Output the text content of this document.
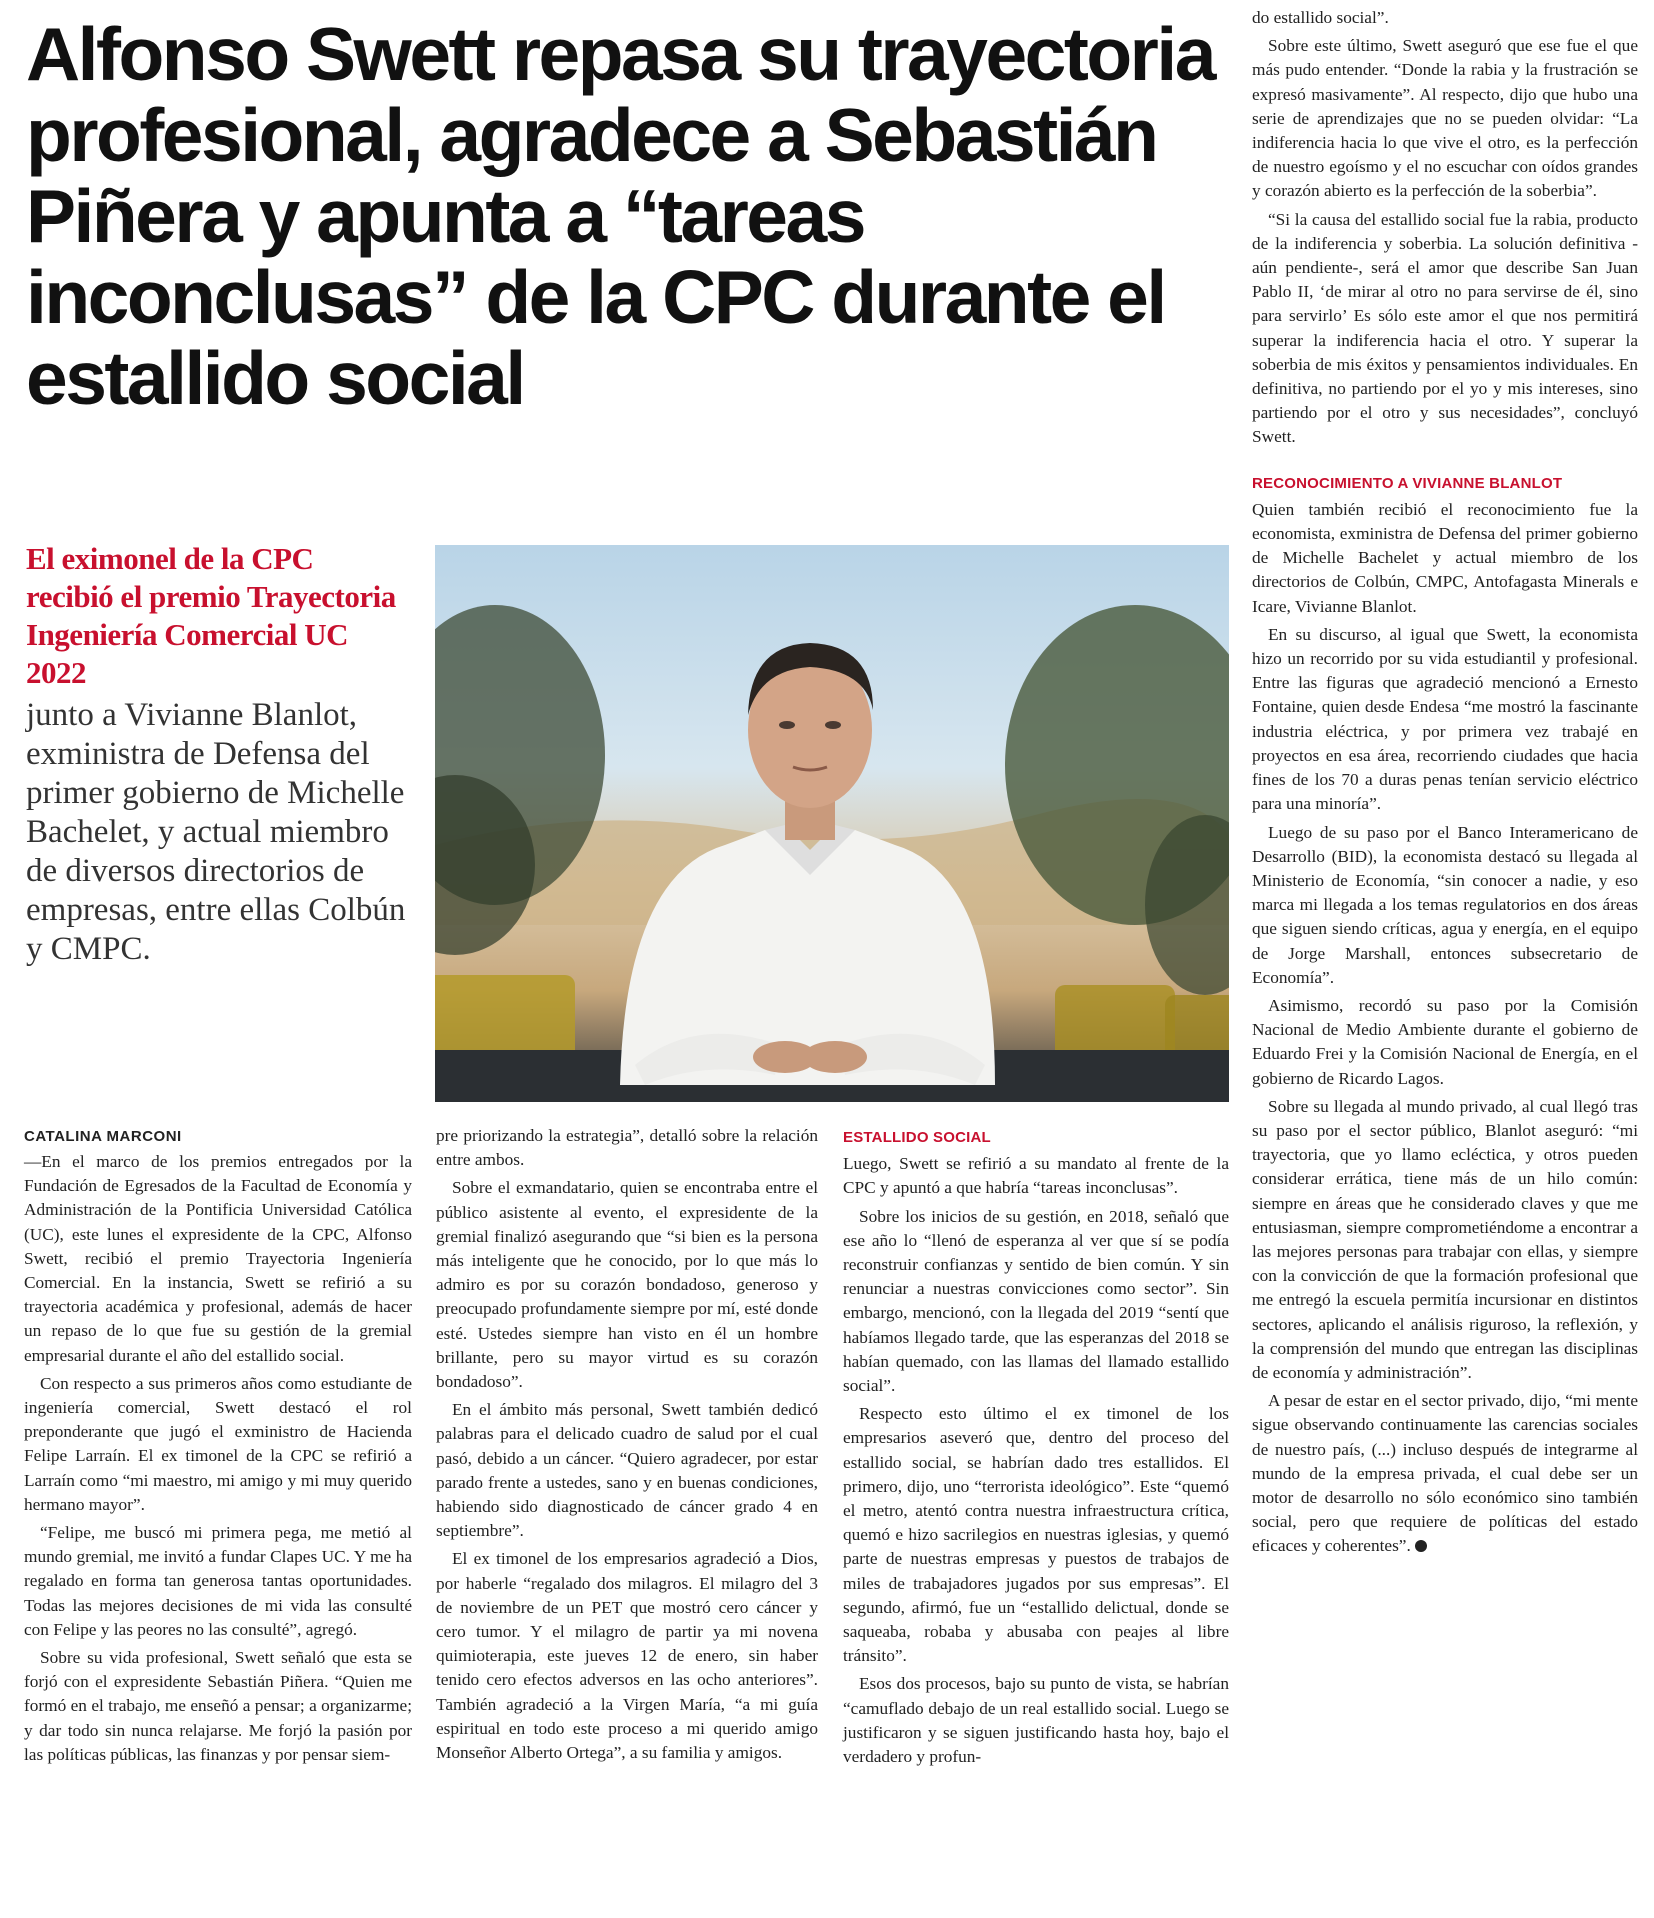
Alfonso Swett repasa su trayectoria profesional, agradece a Sebastián Piñera y apunta a “tareas inconclusas” de la CPC durante el estallido social
El eximonel de la CPC recibió el premio Trayectoria Ingeniería Comercial UC 2022
junto a Vivianne Blanlot, exministra de Defensa del primer gobierno de Michelle Bachelet, y actual miembro de diversos directorios de empresas, entre ellas Colbún y CMPC.
CATALINA MARCONI

—En el marco de los premios entregados por la Fundación de Egresados de la Facultad de Economía y Administración de la Pontificia Universidad Católica (UC), este lunes el expresidente de la CPC, Alfonso Swett, recibió el premio Trayectoria Ingeniería Comercial. En la instancia, Swett se refirió a su trayectoria académica y profesional, además de hacer un repaso de lo que fue su gestión de la gremial empresarial durante el año del estallido social.

Con respecto a sus primeros años como estudiante de ingeniería comercial, Swett destacó el rol preponderante que jugó el exministro de Hacienda Felipe Larraín. El ex timonel de la CPC se refirió a Larraín como “mi maestro, mi amigo y mi muy querido hermano mayor”.

“Felipe, me buscó mi primera pega, me metió al mundo gremial, me invitó a fundar Clapes UC. Y me ha regalado en forma tan generosa tantas oportunidades. Todas las mejores decisiones de mi vida las consulté con Felipe y las peores no las consulté”, agregó.

Sobre su vida profesional, Swett señaló que esta se forjó con el expresidente Sebastián Piñera. “Quien me formó en el trabajo, me enseñó a pensar; a organizarme; y dar todo sin nunca relajarse. Me forjó la pasión por las políticas públicas, las finanzas y por pensar siem-

pre priorizando la estrategia”, detalló sobre la relación entre ambos.

Sobre el exmandatario, quien se encontraba entre el público asistente al evento, el expresidente de la gremial finalizó asegurando que “si bien es la persona más inteligente que he conocido, por lo que más lo admiro es por su corazón bondadoso, generoso y preocupado profundamente siempre por mí, esté donde esté. Ustedes siempre han visto en él un hombre brillante, pero su mayor virtud es su corazón bondadoso”.

En el ámbito más personal, Swett también dedicó palabras para el delicado cuadro de salud por el cual pasó, debido a un cáncer. “Quiero agradecer, por estar parado frente a ustedes, sano y en buenas condiciones, habiendo sido diagnosticado de cáncer grado 4 en septiembre”.

El ex timonel de los empresarios agradeció a Dios, por haberle “regalado dos milagros. El milagro del 3 de noviembre de un PET que mostró cero cáncer y cero tumor. Y el milagro de partir ya mi novena quimioterapia, este jueves 12 de enero, sin haber tenido cero efectos adversos en las ocho anteriores”. También agradeció a la Virgen María, “a mi guía espiritual en todo este proceso a mi querido amigo Monseñor Alberto Ortega”, a su familia y amigos.

ESTALLIDO SOCIAL

Luego, Swett se refirió a su mandato al frente de la CPC y apuntó a que habría “tareas inconclusas”.

Sobre los inicios de su gestión, en 2018, señaló que ese año lo “llenó de esperanza al ver que sí se podía reconstruir confianzas y sentido de bien común. Y sin renunciar a nuestras convicciones como sector”. Sin embargo, mencionó, con la llegada del 2019 “sentí que habíamos llegado tarde, que las esperanzas del 2018 se habían quemado, con las llamas del llamado estallido social”.

Respecto esto último el ex timonel de los empresarios aseveró que, dentro del proceso del estallido social, se habrían dado tres estallidos. El primero, dijo, uno “terrorista ideológico”. Este “quemó el metro, atentó contra nuestra infraestructura crítica, quemó e hizo sacrilegios en nuestras iglesias, y quemó parte de nuestras empresas y puestos de trabajos de miles de trabajadores jugados por sus empresas”. El segundo, afirmó, fue un “estallido delictual, donde se saqueaba, robaba y abusaba con peajes al libre tránsito”.

Esos dos procesos, bajo su punto de vista, se habrían “camuflado debajo de un real estallido social. Luego se justificaron y se siguen justificando hasta hoy, bajo el verdadero y profun-

do estallido social”.

Sobre este último, Swett aseguró que ese fue el que más pudo entender. “Donde la rabia y la frustración se expresó masivamente”. Al respecto, dijo que hubo una serie de aprendizajes que no se pueden olvidar: “La indiferencia hacia lo que vive el otro, es la perfección de nuestro egoísmo y el no escuchar con oídos grandes y corazón abierto es la perfección de la soberbia”.

“Si la causa del estallido social fue la rabia, producto de la indiferencia y soberbia. La solución definitiva -aún pendiente-, será el amor que describe San Juan Pablo II, ‘de mirar al otro no para servirse de él, sino para servirlo’ Es sólo este amor el que nos permitirá superar la indiferencia hacia el otro. Y superar la soberbia de mis éxitos y pensamientos individuales. En definitiva, no partiendo por el yo y mis intereses, sino partiendo por el otro y sus necesidades”, concluyó Swett.

RECONOCIMIENTO A VIVIANNE BLANLOT

Quien también recibió el reconocimiento fue la economista, exministra de Defensa del primer gobierno de Michelle Bachelet y actual miembro de los directorios de Colbún, CMPC, Antofagasta Minerals e Icare, Vivianne Blanlot.

En su discurso, al igual que Swett, la economista hizo un recorrido por su vida estudiantil y profesional. Entre las figuras que agradeció mencionó a Ernesto Fontaine, quien desde Endesa “me mostró la fascinante industria eléctrica, y por primera vez trabajé en proyectos en esa área, recorriendo ciudades que hacia fines de los 70 a duras penas tenían servicio eléctrico para una minoría”.

Luego de su paso por el Banco Interamericano de Desarrollo (BID), la economista destacó su llegada al Ministerio de Economía, “sin conocer a nadie, y eso marca mi llegada a los temas regulatorios en dos áreas que siguen siendo críticas, agua y energía, en el equipo de Jorge Marshall, entonces subsecretario de Economía”.

Asimismo, recordó su paso por la Comisión Nacional de Medio Ambiente durante el gobierno de Eduardo Frei y la Comisión Nacional de Energía, en el gobierno de Ricardo Lagos.

Sobre su llegada al mundo privado, al cual llegó tras su paso por el sector público, Blanlot aseguró: “mi trayectoria, que yo llamo ecléctica, y otros pueden considerar errática, tiene más de un hilo común: siempre en áreas que he considerado claves y que me entusiasman, siempre comprometiéndome a encontrar a las mejores personas para trabajar con ellas, y siempre con la convicción de que la formación profesional que me entregó la escuela permitía incursionar en distintos sectores, aplicando el análisis riguroso, la reflexión, y la comprensión del mundo que entregan las disciplinas de economía y administración”.

A pesar de estar en el sector privado, dijo, “mi mente sigue observando continuamente las carencias sociales de nuestro país, (...) incluso después de integrarme al mundo de la empresa privada, el cual debe ser un motor de desarrollo no sólo económico sino también social, pero que requiere de políticas del estado eficaces y coherentes”.
